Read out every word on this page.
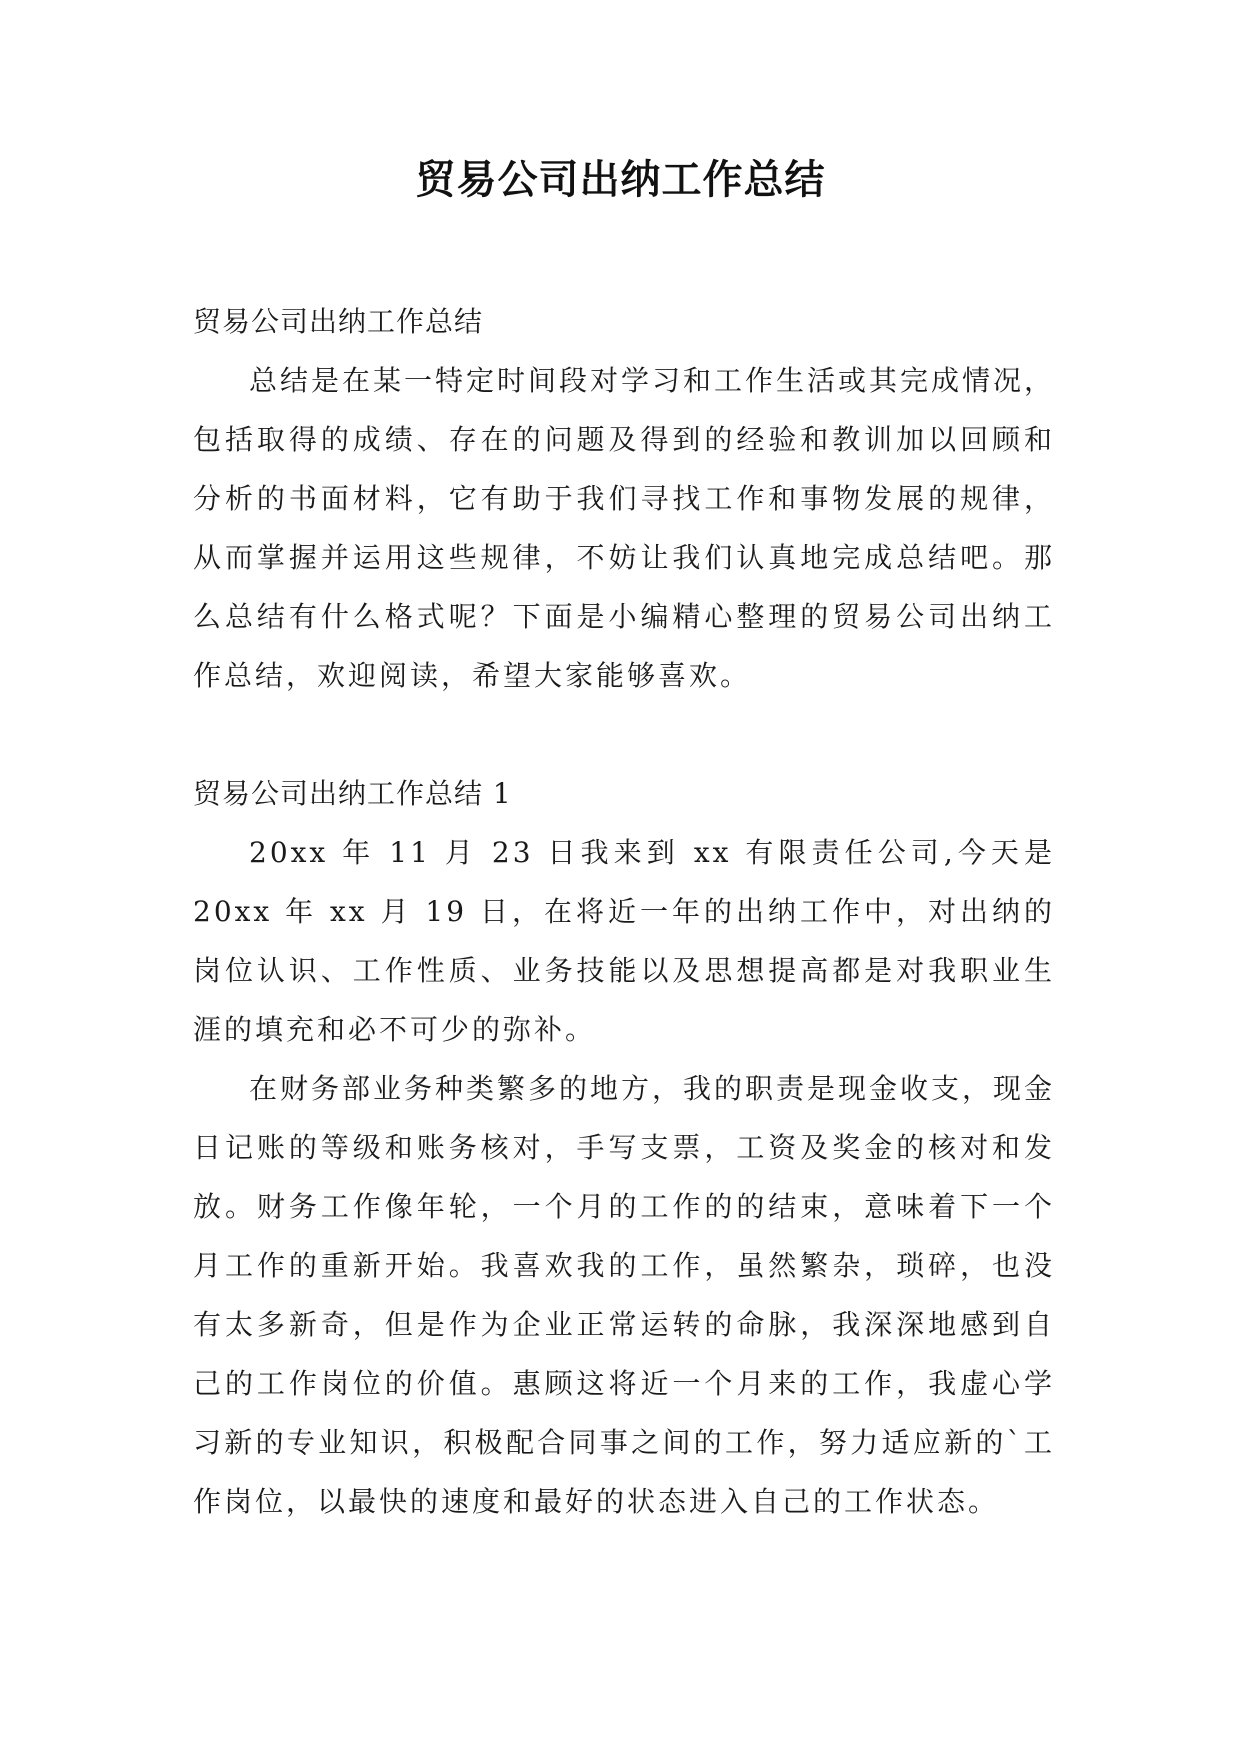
贸易公司出纳工作总结

贸易公司出纳工作总结

总结是在某一特定时间段对学习和工作生活或其完成情况，包括取得的成绩、存在的问题及得到的经验和教训加以回顾和分析的书面材料，它有助于我们寻找工作和事物发展的规律，从而掌握并运用这些规律，不妨让我们认真地完成总结吧。那么总结有什么格式呢？下面是小编精心整理的贸易公司出纳工作总结，欢迎阅读，希望大家能够喜欢。

贸易公司出纳工作总结 1

20xx 年 11 月 23 日我来到 xx 有限责任公司,今天是 20xx 年 xx 月 19 日，在将近一年的出纳工作中，对出纳的岗位认识、工作性质、业务技能以及思想提高都是对我职业生涯的填充和必不可少的弥补。

在财务部业务种类繁多的地方，我的职责是现金收支，现金日记账的等级和账务核对，手写支票，工资及奖金的核对和发放。财务工作像年轮，一个月的工作的的结束，意味着下一个月工作的重新开始。我喜欢我的工作，虽然繁杂，琐碎，也没有太多新奇，但是作为企业正常运转的命脉，我深深地感到自己的工作岗位的价值。惠顾这将近一个月来的工作，我虚心学习新的专业知识，积极配合同事之间的工作，努力适应新的`工作岗位，以最快的速度和最好的状态进入自己的工作状态。
